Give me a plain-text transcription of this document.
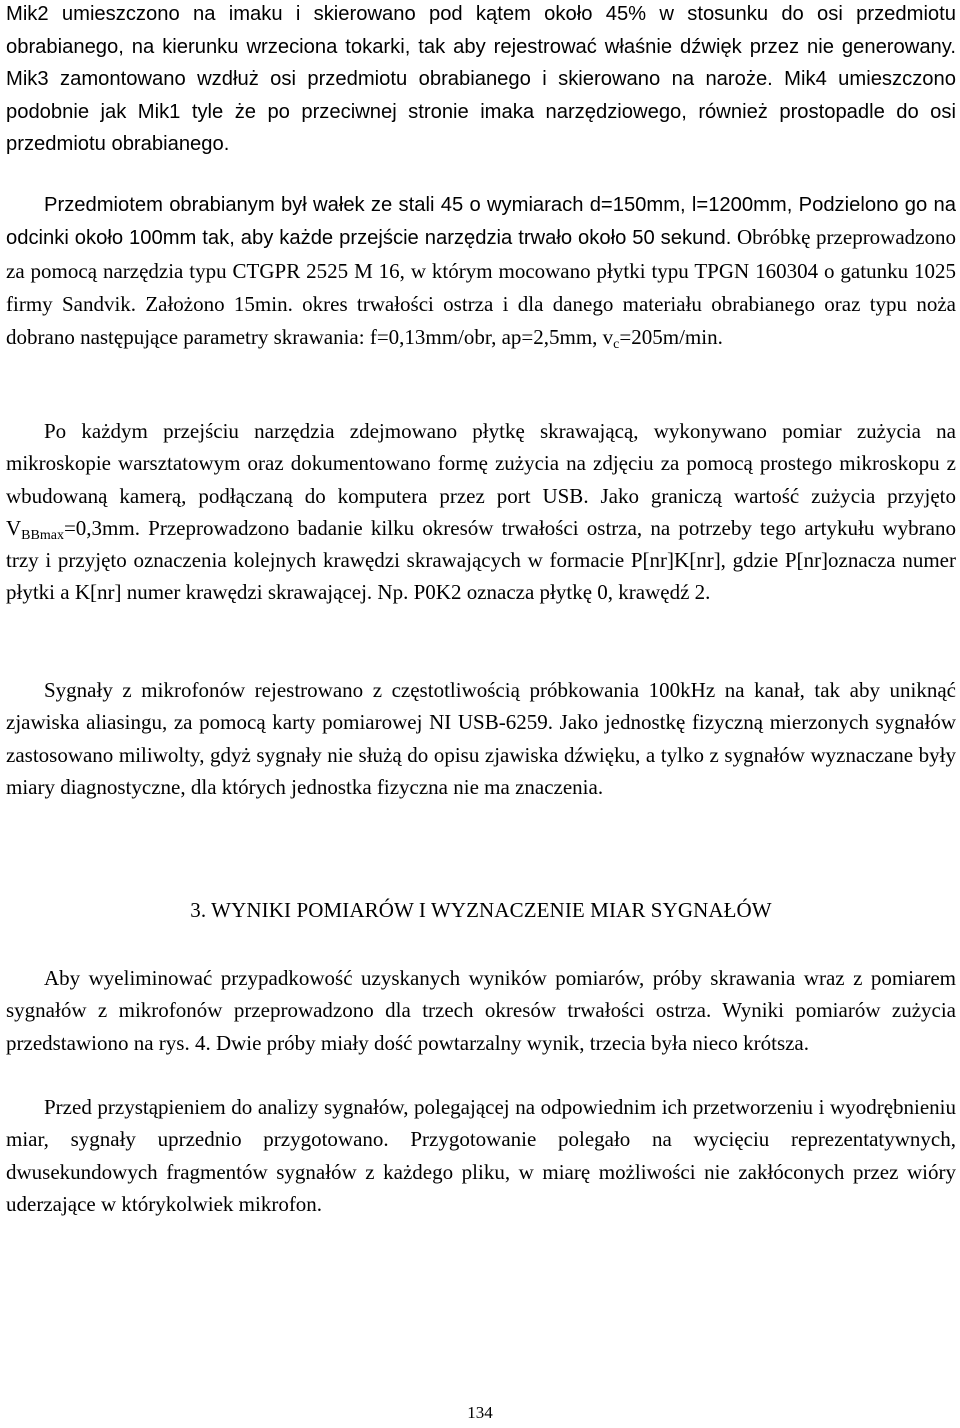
Mik2 umieszczono na imaku i skierowano pod kątem około 45% w stosunku do osi przedmiotu obrabianego, na kierunku wrzeciona tokarki, tak aby rejestrować właśnie dźwięk przez nie generowany. Mik3 zamontowano wzdłuż osi przedmiotu obrabianego i skierowano na naroże. Mik4 umieszczono podobnie jak Mik1 tyle że po przeciwnej stronie imaka narzędziowego, również prostopadle do osi przedmiotu obrabianego.

Przedmiotem obrabianym był wałek ze stali 45 o wymiarach d=150mm, l=1200mm, Podzielono go na odcinki około 100mm tak, aby każde przejście narzędzia trwało około 50 sekund. Obróbkę przeprowadzono za pomocą narzędzia typu CTGPR 2525 M 16, w którym mocowano płytki typu TPGN 160304 o gatunku 1025 firmy Sandvik. Założono 15min. okres trwałości ostrza i dla danego materiału obrabianego oraz typu noża dobrano następujące parametry skrawania: f=0,13mm/obr, ap=2,5mm, $v_c=205m/\min$.

Po każdym przejściu narzędzia zdejmowano płytkę skrawającą, wykonywano pomiar zużycia na mikroskopie warsztatowym oraz dokumentowano formę zużycia na zdjęciu za pomocą prostego mikroskopu z wbudowaną kamerą, podłączaną do komputera przez port USB. Jako graniczą wartość zużycia przyjęto $V_{BBmax}=0,3mm$. Przeprowadzono badanie kilku okresów trwałości ostrza, na potrzeby tego artykułu wybrano trzy i przyjęto oznaczenia kolejnych krawędzi skrawających w formacie P[nr]K[nr], gdzie P[nr]oznacza numer płytki a K[nr] numer krawędzi skrawającej. Np. P0K2 oznacza płytkę 0, krawędź 2.

Sygnały z mikrofonów rejestrowano z częstotliwością próbkowania 100kHz na kanał, tak aby uniknąć zjawiska aliasingu, za pomocą karty pomiarowej NI USB-6259. Jako jednostkę fizyczną mierzonych sygnałów zastosowano miliwolty, gdyż sygnały nie służą do opisu zjawiska dźwięku, a tylko z sygnałów wyznaczane były miary diagnostyczne, dla których jednostka fizyczna nie ma znaczenia.

3. WYNIKI POMIARÓW I WYZNACZENIE MIAR SYGNAŁÓW

Aby wyeliminować przypadkowość uzyskanych wyników pomiarów, próby skrawania wraz z pomiarem sygnałów z mikrofonów przeprowadzono dla trzech okresów trwałości ostrza. Wyniki pomiarów zużycia przedstawiono na rys. 4. Dwie próby miały dość powtarzalny wynik, trzecia była nieco krótsza.

Przed przystąpieniem do analizy sygnałów, polegającej na odpowiednim ich przetworzeniu i wyodrębnieniu miar, sygnały uprzednio przygotowano. Przygotowanie polegało na wycięciu reprezentatywnych, dwusekundowych fragmentów sygnałów z każdego pliku, w miarę możliwości nie zakłóconych przez wióry uderzające w którykolwiek mikrofon.

134
